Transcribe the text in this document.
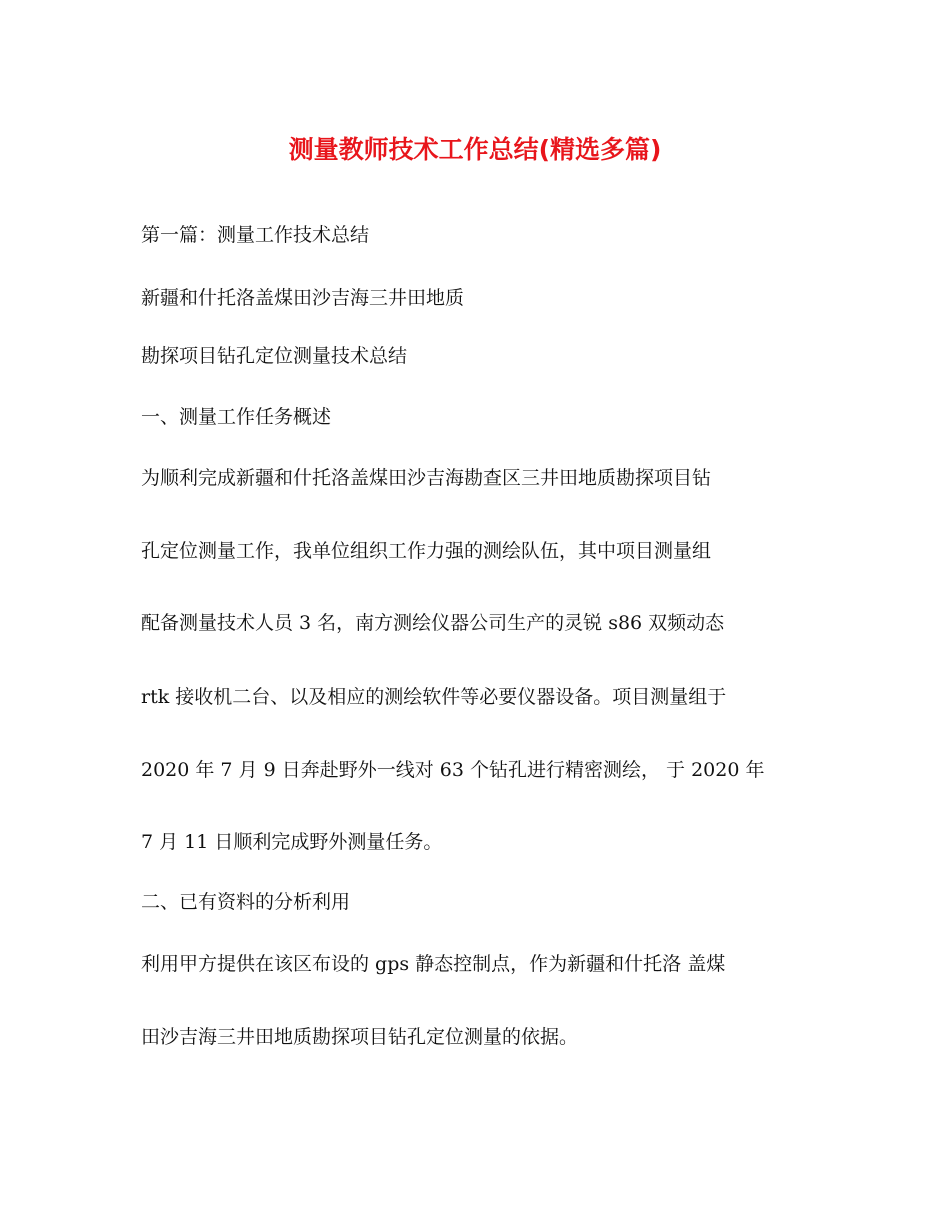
测量教师技术工作总结(精选多篇)
第一篇：测量工作技术总结
新疆和什托洛盖煤田沙吉海三井田地质
勘探项目钻孔定位测量技术总结
一、测量工作任务概述
为顺利完成新疆和什托洛盖煤田沙吉海勘查区三井田地质勘探项目钻
孔定位测量工作，我单位组织工作力强的测绘队伍，其中项目测量组
配备测量技术人员 3 名，南方测绘仪器公司生产的灵锐 s86 双频动态
rtk 接收机二台、以及相应的测绘软件等必要仪器设备。项目测量组于
2020 年 7 月 9 日奔赴野外一线对 63 个钻孔进行精密测绘， 于 2020 年
7 月 11 日顺利完成野外测量任务。
二、已有资料的分析利用
利用甲方提供在该区布设的 gps 静态控制点，作为新疆和什托洛 盖煤
田沙吉海三井田地质勘探项目钻孔定位测量的依据。
